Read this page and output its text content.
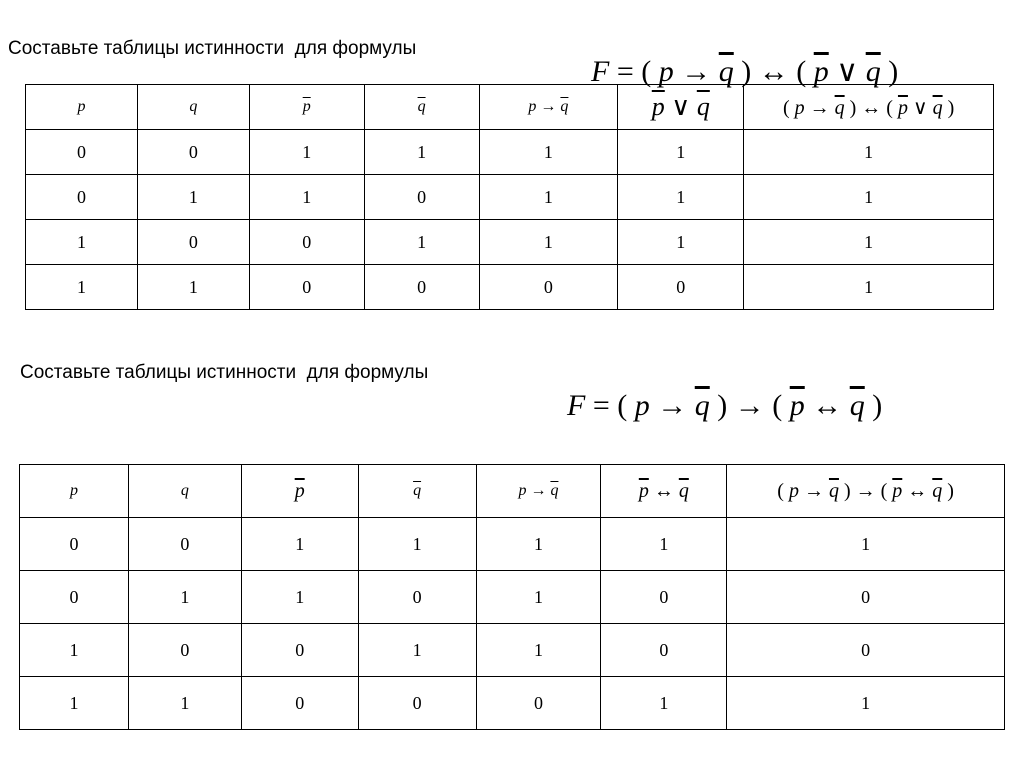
Составьте таблицы истинности  для формулы

F = ( $p \to \overline{q}$ ) ↔ ( $\overline{p}$ ∨ $\overline{q}$ )

p	q	$\overline{p}$	$\overline{q}$	$p \to \overline{q}$	$\overline{p}$ ∨ $\overline{q}$	( $p \to \overline{q}$ ) ↔ ( $\overline{p}$ ∨ $\overline{q}$ )
0	0	1	1	1	1	1
0	1	1	0	1	1	1
1	0	0	1	1	1	1
1	1	0	0	0	0	1
Составьте таблицы истинности  для формулы

F = ( $p \to \overline{q}$ ) → ( $\overline{p}$ ↔ $\overline{q}$ )

p	q	$\overline{p}$	$\overline{q}$	$p \to \overline{q}$	$\overline{p}$ ↔ $\overline{q}$	( $p \to \overline{q}$ ) → ( $\overline{p}$ ↔ $\overline{q}$ )
0	0	1	1	1	1	1
0	1	1	0	1	0	0
1	0	0	1	1	0	0
1	1	0	0	0	1	1
